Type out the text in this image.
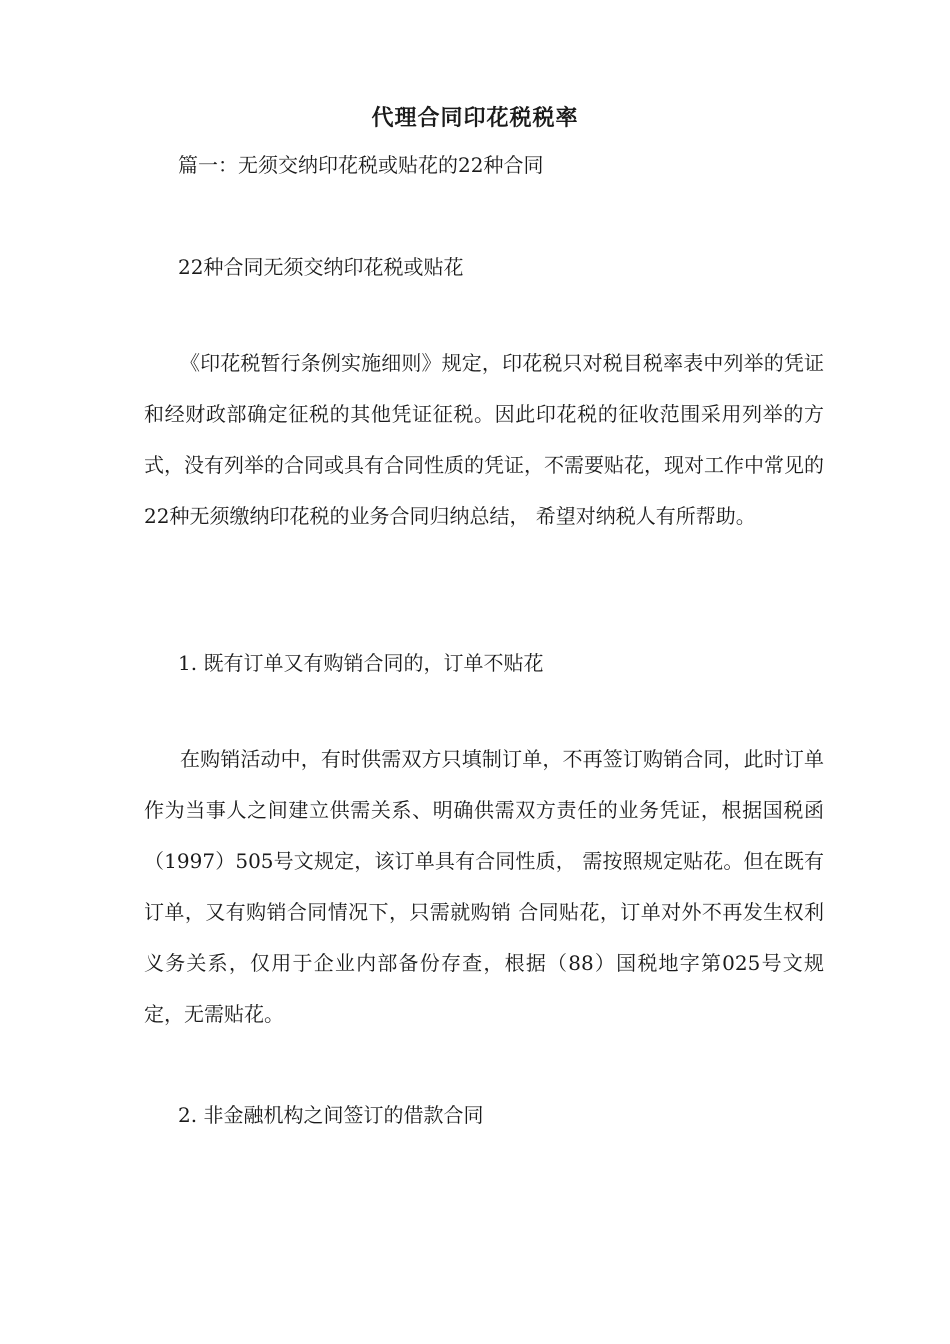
代理合同印花税税率
篇一：无须交纳印花税或贴花的22种合同
22种合同无须交纳印花税或贴花
《印花税暂行条例实施细则》规定，印花税只对税目税率表中列举的凭证和经财政部确定征税的其他凭证征税。因此印花税的征收范围采用列举的方式，没有列举的合同或具有合同性质的凭证，不需要贴花，现对工作中常见的22种无须缴纳印花税的业务合同归纳总结， 希望对纳税人有所帮助。
1. 既有订单又有购销合同的，订单不贴花
在购销活动中，有时供需双方只填制订单，不再签订购销合同，此时订单作为当事人之间建立供需关系、明确供需双方责任的业务凭证，根据国税函（1997）505号文规定，该订单具有合同性质， 需按照规定贴花。但在既有订单，又有购销合同情况下，只需就购销 合同贴花，订单对外不再发生权利义务关系，仅用于企业内部备份存查，根据（88）国税地字第025号文规定，无需贴花。
2. 非金融机构之间签订的借款合同
